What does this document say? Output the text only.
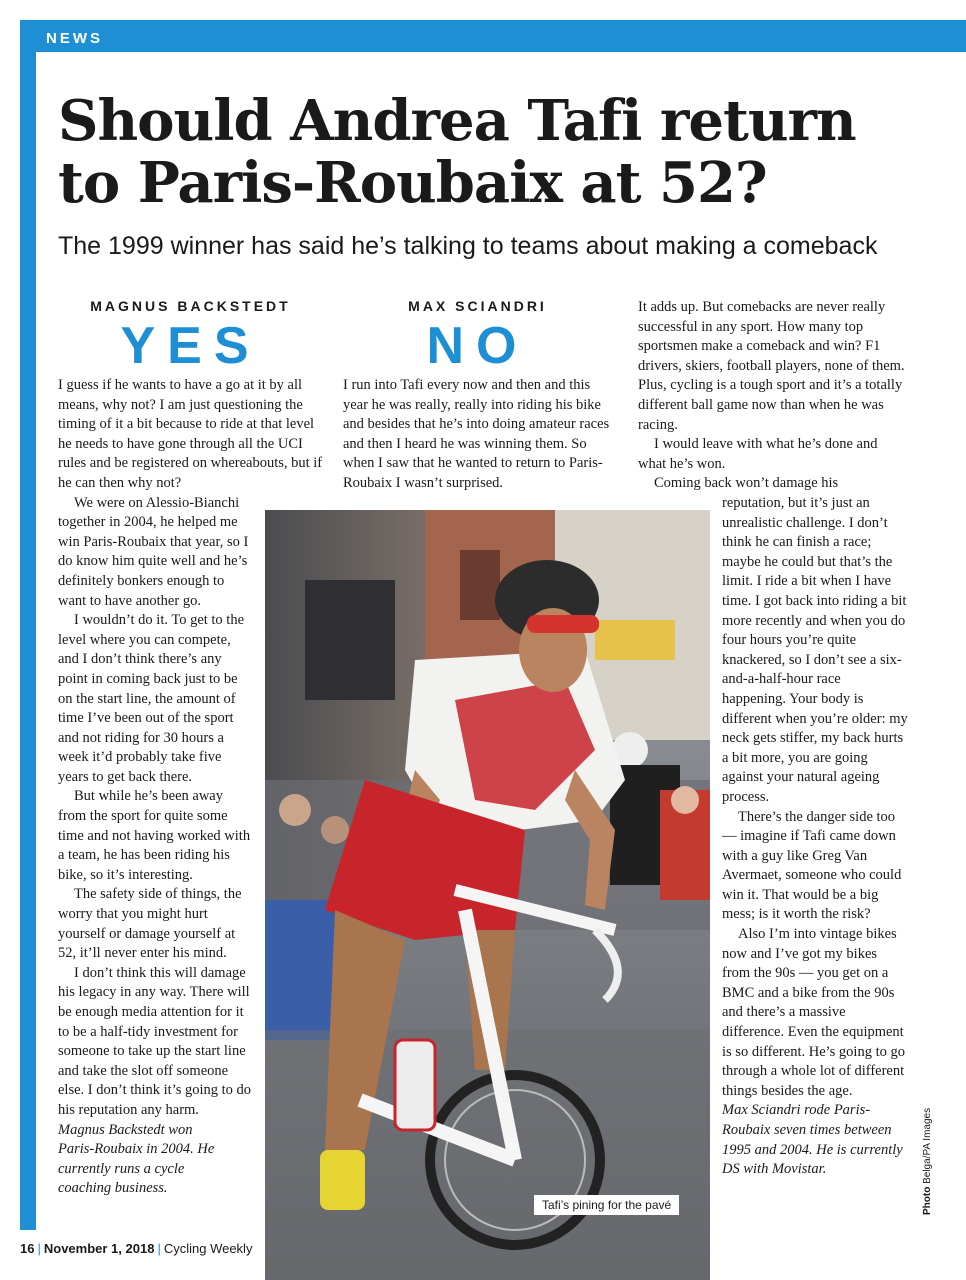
NEWS
Should Andrea Tafi return
to Paris-Roubaix at 52?
The 1999 winner has said he’s talking to teams about making a comeback
MAGNUS BACKSTEDT
YES
MAX SCIANDRI
NO

I guess if he wants to have a go at it by all means, why not? I am just questioning the timing of it a bit because to ride at that level he needs to have gone through all the UCI rules and be registered on whereabouts, but if he can then why not?

We were on Alessio-Bianchi together in 2004, he helped me win Paris-Roubaix that year, so I do know him quite well and he’s definitely bonkers enough to want to have another go.

I wouldn’t do it. To get to the level where you can compete, and I don’t think there’s any point in coming back just to be on the start line, the amount of time I’ve been out of the sport and not riding for 30 hours a week it’d probably take five years to get back there.

But while he’s been away from the sport for quite some time and not having worked with a team, he has been riding his bike, so it’s interesting.

The safety side of things, the worry that you might hurt yourself or damage yourself at 52, it’ll never enter his mind.

I don’t think this will damage his legacy in any way. There will be enough media attention for it to be a half-tidy investment for someone to take up the start line and take the slot off someone else. I don’t think it’s going to do his reputation any harm.

Magnus Backstedt won Paris-Roubaix in 2004. He currently runs a cycle coaching business.

I run into Tafi every now and then and this year he was really, really into riding his bike and besides that he’s into doing amateur races and then I heard he was winning them. So when I saw that he wanted to return to Paris-Roubaix I wasn’t surprised.

It adds up. But comebacks are never really successful in any sport. How many top sportsmen make a comeback and win? F1 drivers, skiers, football players, none of them. Plus, cycling is a tough sport and it’s a totally different ball game now than when he was racing.

I would leave with what he’s done and what he’s won.

Coming back won’t damage his

reputation, but it’s just an unrealistic challenge. I don’t think he can finish a race; maybe he could but that’s the limit. I ride a bit when I have time. I got back into riding a bit more recently and when you do four hours you’re quite knackered, so I don’t see a six-and-a-half-hour race happening. Your body is different when you’re older: my neck gets stiffer, my back hurts a bit more, you are going against your natural ageing process.

There’s the danger side too — imagine if Tafi came down with a guy like Greg Van Avermaet, someone who could win it. That would be a big mess; is it worth the risk?

Also I’m into vintage bikes now and I’ve got my bikes from the 90s — you get on a BMC and a bike from the 90s and there’s a massive difference. Even the equipment is so different. He’s going to go through a whole lot of different things besides the age.

Max Sciandri rode Paris-Roubaix seven times between 1995 and 2004. He is currently DS with Movistar.

Tafi’s pining for the pavé	Photo Belga/PA Images
16 | November 1, 2018 | Cycling Weekly
